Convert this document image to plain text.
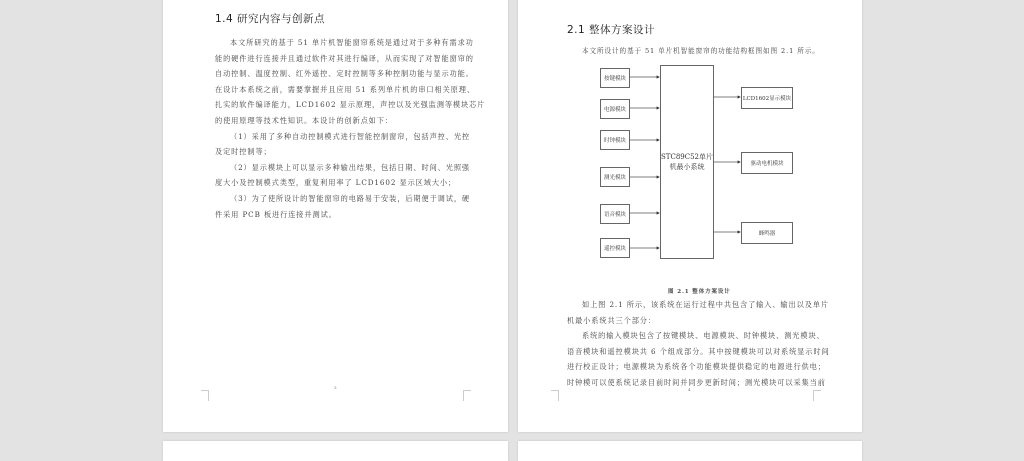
1.4 研究内容与创新点
本文所研究的基于 51 单片机智能窗帘系统是通过对于多种有需求功
能的硬件进行连接并且通过软件对其进行编译，从而实现了对智能窗帘的
自动控制、温度控制、红外遥控、定时控制等多种控制功能与显示功能。
在设计本系统之前，需要掌握并且应用 51 系列单片机的串口相关原理、
扎实的软件编译能力，LCD1602 显示原理，声控以及光强监测等模块芯片
的使用原理等技术性知识。本设计的创新点如下：
（1）采用了多种自动控制模式进行智能控制窗帘，包括声控、光控
及定时控制等；
（2）显示模块上可以显示多种输出结果，包括日期、时间、光照强
度大小及控制模式类型，重复利用率了 LCD1602 显示区域大小；
（3）为了使所设计的智能窗帘的电路易于安装，后期便于调试，硬
件采用 PCB 板进行连接并测试。
3
2.1 整体方案设计
本文所设计的基于 51 单片机智能窗帘的功能结构框图如图 2.1 所示。
按键模块
电源模块
时钟模块
测光模块
语音模块
遥控模块
STC89C52单片机最小系统
LCD1602显示模块
驱动电机模块
蜂鸣器
图 2.1 整体方案设计
如上图 2.1 所示，该系统在运行过程中共包含了输入、输出以及单片
机最小系统共三个部分：
系统的输入模块包含了按键模块、电源模块、时钟模块、测光模块、
语音模块和遥控模块共 6 个组成部分。其中按键模块可以对系统显示时间
进行校正设计；电源模块为系统各个功能模块提供稳定的电源进行供电；
时钟模可以使系统记录目前时间并同步更新时间；测光模块可以采集当前
4
